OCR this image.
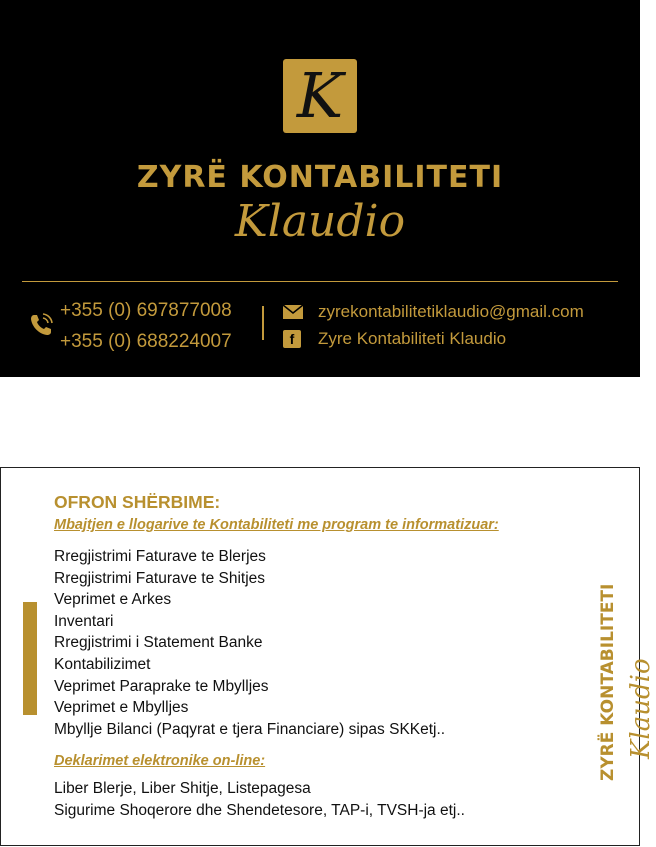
K
ZYRË KONTABILITETI
Klaudio
+355 (0) 697877008
+355 (0) 688224007	f
zyrekontabilitetiklaudio@gmail.com
Zyre Kontabiliteti Klaudio
OFRON SHËRBIME:
Mbajtjen e llogarive te Kontabiliteti me program te informatizuar:
Rregjistrimi Faturave te Blerjes
Rregjistrimi Faturave te Shitjes
Veprimet e Arkes
Inventari
Rregjistrimi i Statement Banke
Kontabilizimet
Veprimet Paraprake te Mbylljes
Veprimet e Mbylljes
Mbyllje Bilanci (Paqyrat e tjera Financiare) sipas SKKetj..
Deklarimet elektronike on-line:
Liber Blerje, Liber Shitje, Listepagesa
Sigurime Shoqerore dhe Shendetesore, TAP-i, TVSH-ja etj..
ZYRË KONTABILITETI Klaudio
